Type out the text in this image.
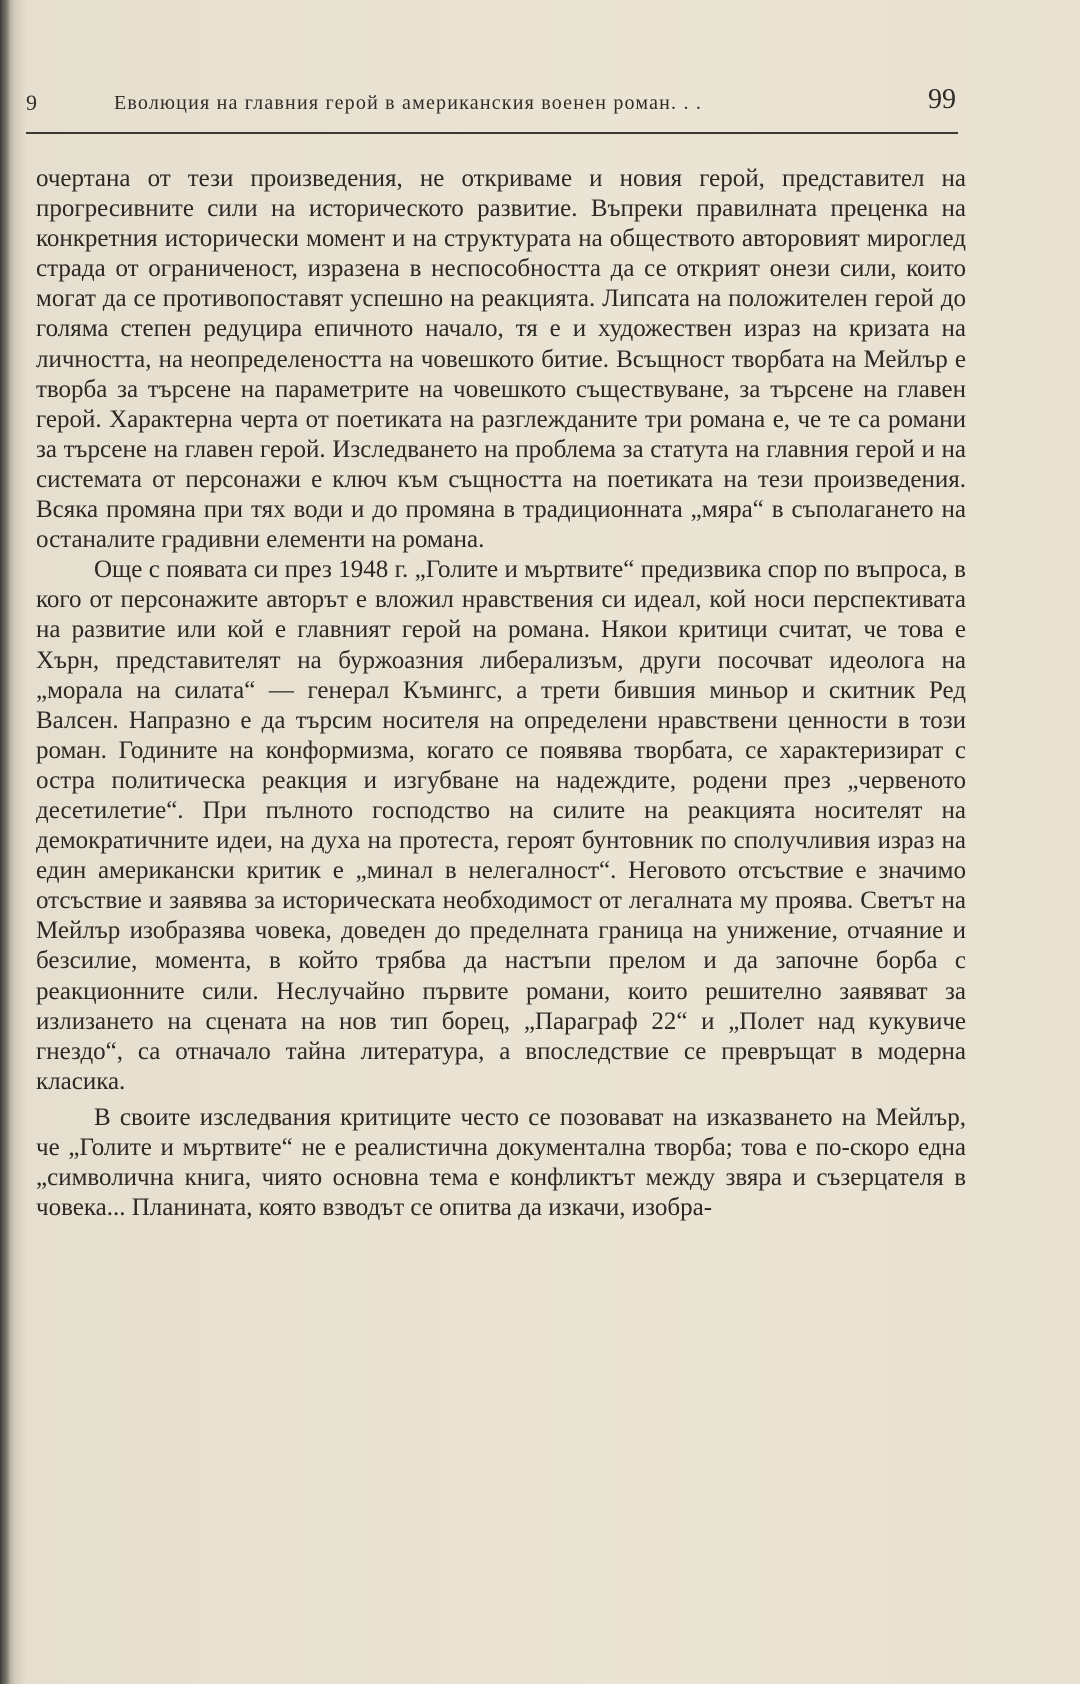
9	Еволюция на главния герой в американския военен роман. . .	99

очертана от тези произведения, не откриваме и новия герой, представител на прогресивните сили на историческото развитие. Въпреки правилната преценка на конкретния исторически момент и на структурата на обществото авторовият мироглед страда от ограниченост, изразена в неспособността да се открият онези сили, които могат да се противопоставят успешно на реакцията. Липсата на положителен герой до голяма степен редуцира епичното начало, тя е и художествен израз на кризата на личността, на неопределеността на човешкото битие. Всъщност творбата на Мейлър е творба за търсене на параметрите на човешкото съществуване, за търсене на главен герой. Характерна черта от поетиката на разглежданите три романа е, че те са романи за търсене на главен герой. Изследването на проблема за статута на главния герой и на системата от персонажи е ключ към същността на поетиката на тези произведения. Всяка промяна при тях води и до промяна в традиционната „мяра“ в съполагането на останалите градивни елементи на романа.

Още с появата си през 1948 г. „Голите и мъртвите“ предизвика спор по въпроса, в кого от персонажите авторът е вложил нравствения си идеал, кой носи перспективата на развитие или кой е главният герой на романа. Някои критици считат, че това е Хърн, представителят на буржоазния либерализъм, други посочват идеолога на „морала на силата“ — генерал Къмингс, а трети бившия миньор и скитник Ред Валсен. Напразно е да търсим носителя на определени нравствени ценности в този роман. Годините на конформизма, когато се появява творбата, се характеризират с остра политическа реакция и изгубване на надеждите, родени през „червеното десетилетие“. При пълното господство на силите на реакцията носителят на демократичните идеи, на духа на протеста, героят бунтовник по сполучливия израз на един американски критик е „минал в нелегалност“. Неговото отсъствие е значимо отсъствие и заявява за историческата необходимост от легалната му проява. Светът на Мейлър изобразява човека, доведен до пределната граница на унижение, отчаяние и безсилие, момента, в който трябва да настъпи прелом и да започне борба с реакционните сили. Неслучайно първите романи, които решително заявяват за излизането на сцената на нов тип борец, „Параграф 22“ и „Полет над кукувиче гнездо“, са отначало тайна литература, а впоследствие се превръщат в модерна класика.

В своите изследвания критиците често се позовават на изказването на Мейлър, че „Голите и мъртвите“ не е реалистична документална творба; това е по-скоро една „символична книга, чиято основна тема е конфликтът между звяра и съзерцателя в човека... Планината, която взводът се опитва да изкачи, изобра-
